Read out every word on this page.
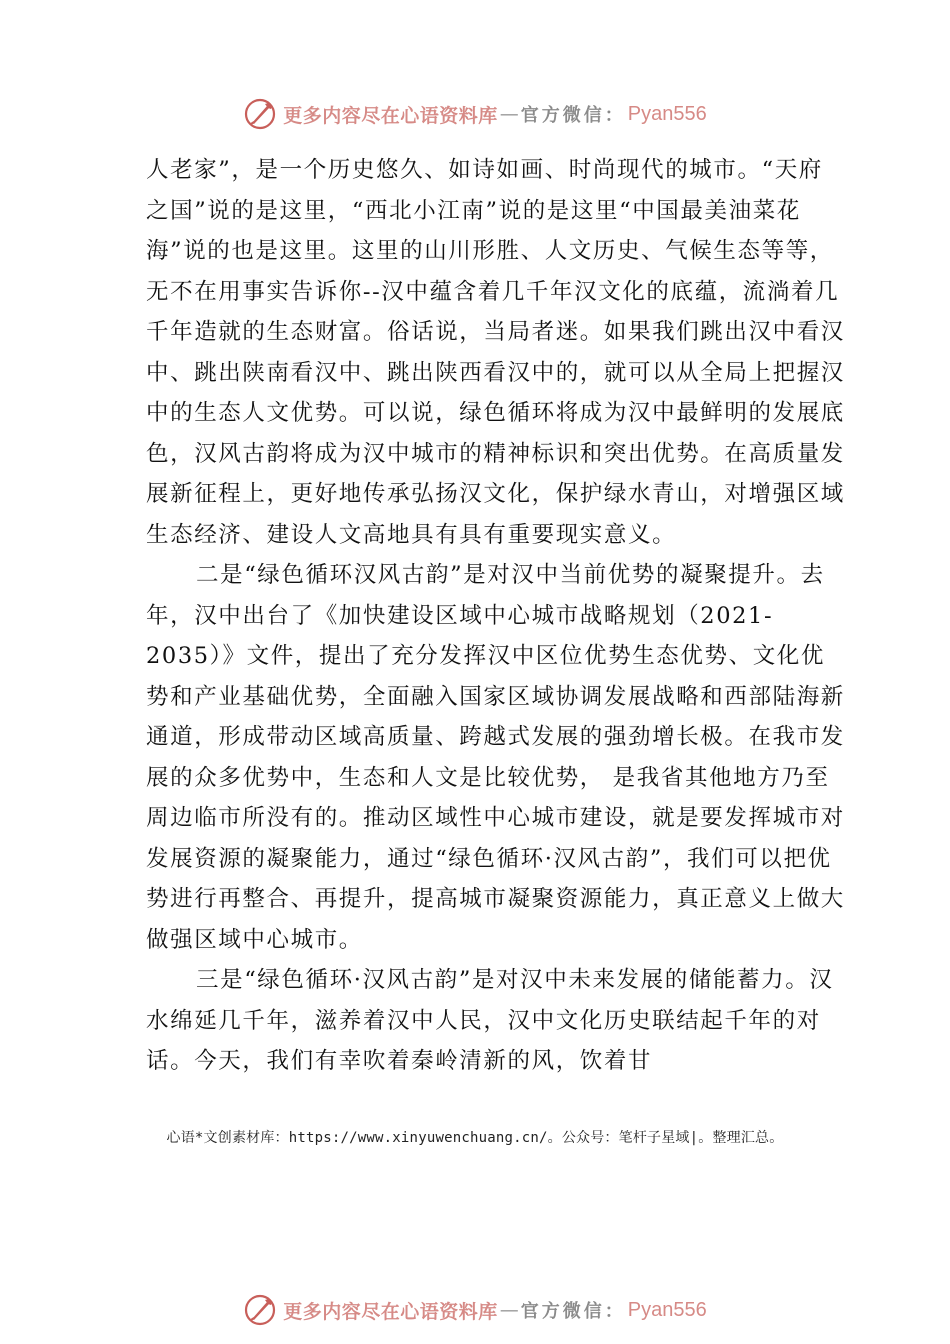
更多内容尽在心语资料库 — 官方微信： Pyan556

人老家”，是一个历史悠久、如诗如画、时尚现代的城市。“天府之国”说的是这里，“西北小江南”说的是这里“中国最美油菜花海”说的也是这里。这里的山川形胜、人文历史、气候生态等等，无不在用事实告诉你--汉中蕴含着几千年汉文化的底蕴，流淌着几千年造就的生态财富。俗话说，当局者迷。如果我们跳出汉中看汉中、跳出陕南看汉中、跳出陕西看汉中的，就可以从全局上把握汉中的生态人文优势。可以说，绿色循环将成为汉中最鲜明的发展底色，汉风古韵将成为汉中城市的精神标识和突出优势。在高质量发展新征程上，更好地传承弘扬汉文化，保护绿水青山，对增强区域生态经济、建设人文高地具有具有重要现实意义。

二是“绿色循环汉风古韵”是对汉中当前优势的凝聚提升。去年，汉中出台了《加快建设区域中心城市战略规划（2021-2035）》文件，提出了充分发挥汉中区位优势生态优势、文化优势和产业基础优势，全面融入国家区域协调发展战略和西部陆海新通道，形成带动区域高质量、跨越式发展的强劲增长极。在我市发展的众多优势中，生态和人文是比较优势， 是我省其他地方乃至周边临市所没有的。推动区域性中心城市建设，就是要发挥城市对发展资源的凝聚能力，通过“绿色循环·汉风古韵”，我们可以把优势进行再整合、再提升，提高城市凝聚资源能力，真正意义上做大做强区域中心城市。

三是“绿色循环·汉风古韵”是对汉中未来发展的储能蓄力。汉水绵延几千年，滋养着汉中人民，汉中文化历史联结起千年的对话。今天，我们有幸吹着秦岭清新的风，饮着甘

心语*文创素材库：https://www.xinyuwenchuang.cn/。公众号：笔杆子星域|。整理汇总。
更多内容尽在心语资料库 — 官方微信： Pyan556
